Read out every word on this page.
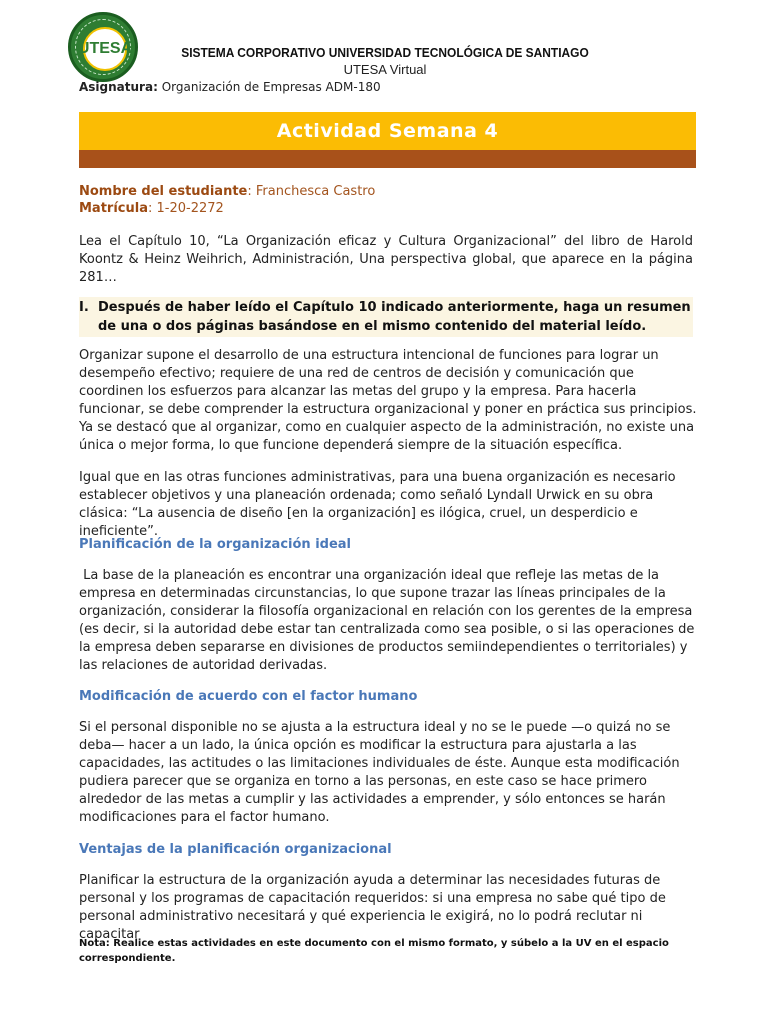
UTESA	SISTEMA CORPORATIVO UNIVERSIDAD TECNOLÓGICA DE SANTIAGO
UTESA Virtual
Asignatura: Organización de Empresas ADM-180
Actividad Semana 4
Nombre del estudiante: Franchesca Castro
Matrícula: 1-20-2272
Lea el Capítulo 10, “La Organización eficaz y Cultura Organizacional” del libro de Harold Koontz & Heinz Weihrich, Administración, Una perspectiva global, que aparece en la página 281…
I. Después de haber leído el Capítulo 10 indicado anteriormente, haga un resumen de una o dos páginas basándose en el mismo contenido del material leído.
Organizar supone el desarrollo de una estructura intencional de funciones para lograr un desempeño efectivo; requiere de una red de centros de decisión y comunicación que coordinen los esfuerzos para alcanzar las metas del grupo y la empresa. Para hacerla funcionar, se debe comprender la estructura organizacional y poner en práctica sus principios. Ya se destacó que al organizar, como en cualquier aspecto de la administración, no existe una única o mejor forma, lo que funcione dependerá siempre de la situación específica.
Igual que en las otras funciones administrativas, para una buena organización es necesario establecer objetivos y una planeación ordenada; como señaló Lyndall Urwick en su obra clásica: “La ausencia de diseño [en la organización] es ilógica, cruel, un desperdicio e ineficiente”.
Planificación de la organización ideal
La base de la planeación es encontrar una organización ideal que refleje las metas de la empresa en determinadas circunstancias, lo que supone trazar las líneas principales de la organización, considerar la filosofía organizacional en relación con los gerentes de la empresa (es decir, si la autoridad debe estar tan centralizada como sea posible, o si las operaciones de la empresa deben separarse en divisiones de productos semiindependientes o territoriales) y las relaciones de autoridad derivadas.
Modificación de acuerdo con el factor humano
Si el personal disponible no se ajusta a la estructura ideal y no se le puede —o quizá no se deba— hacer a un lado, la única opción es modificar la estructura para ajustarla a las capacidades, las actitudes o las limitaciones individuales de éste. Aunque esta modificación pudiera parecer que se organiza en torno a las personas, en este caso se hace primero alrededor de las metas a cumplir y las actividades a emprender, y sólo entonces se harán modificaciones para el factor humano.
Ventajas de la planificación organizacional
Planificar la estructura de la organización ayuda a determinar las necesidades futuras de personal y los programas de capacitación requeridos: si una empresa no sabe qué tipo de personal administrativo necesitará y qué experiencia le exigirá, no lo podrá reclutar ni capacitar
Nota: Realice estas actividades en este documento con el mismo formato, y súbelo a la UV en el espacio correspondiente.
